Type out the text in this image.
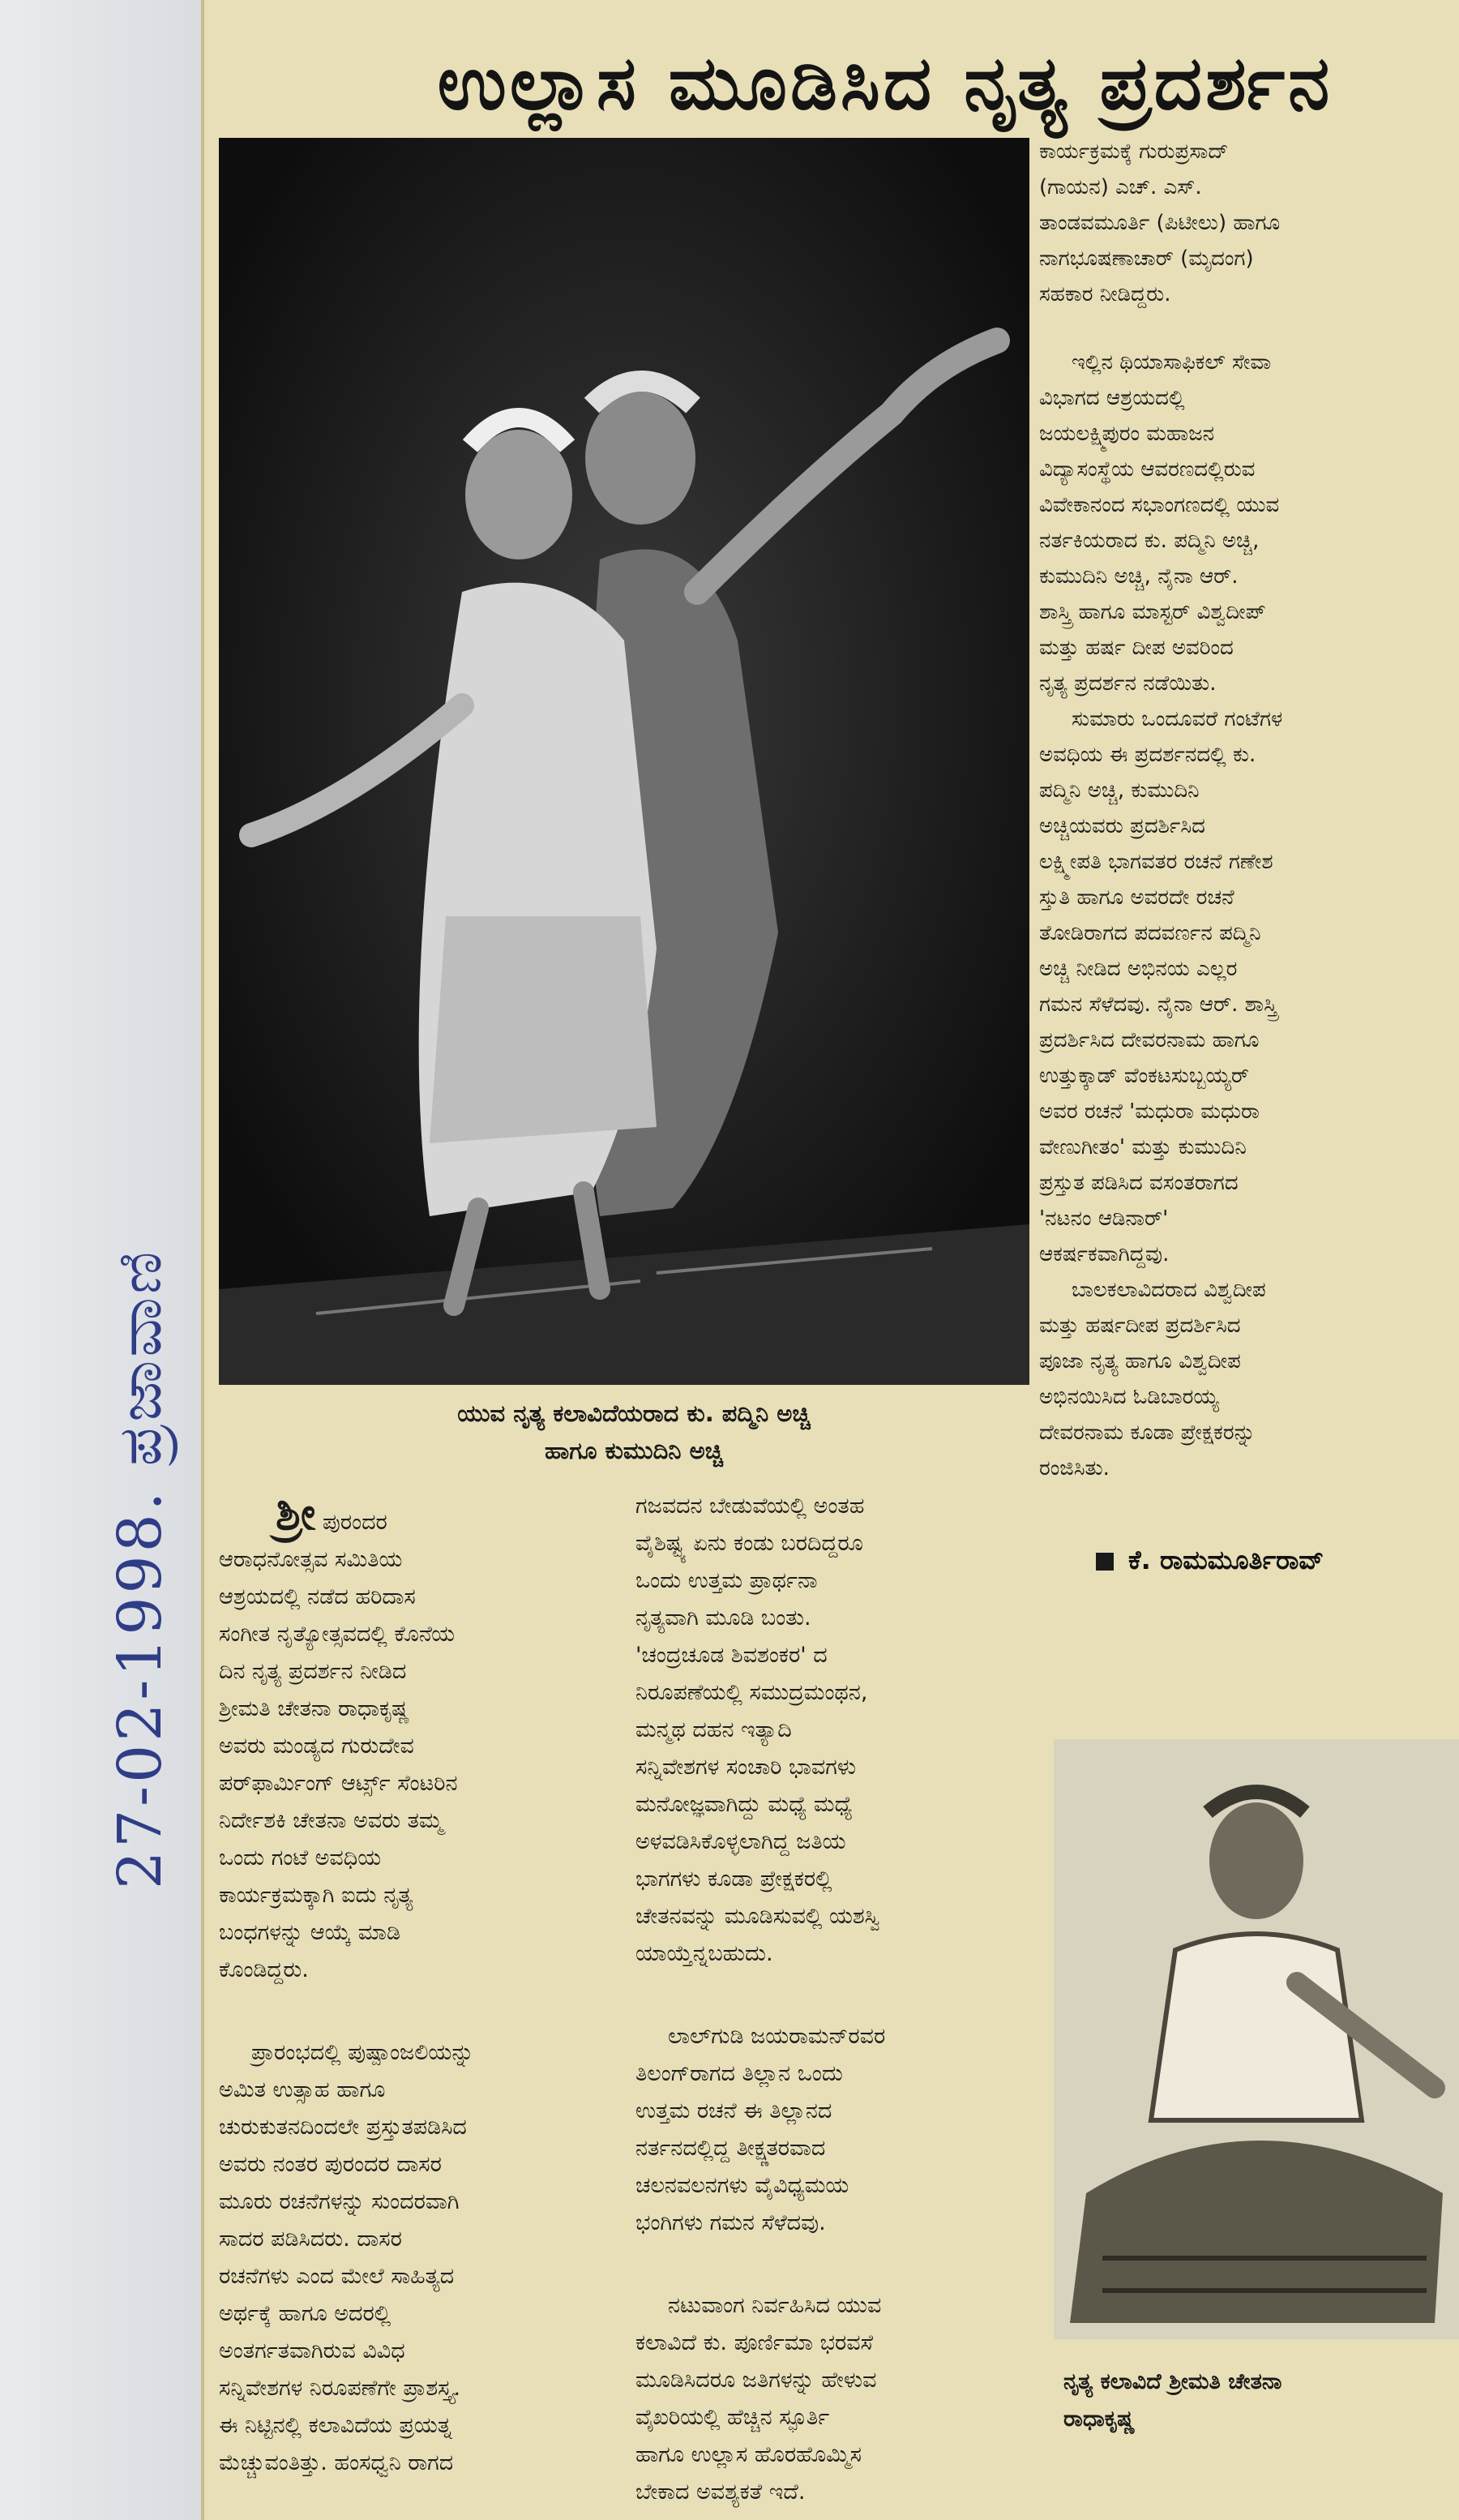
27-02-1998. ಪ್ರಜಾವಾಣಿ
ಉಲ್ಲಾಸ ಮೂಡಿಸಿದ ನೃತ್ಯ ಪ್ರದರ್ಶನ
ಯುವ ನೃತ್ಯ ಕಲಾವಿದೆಯರಾದ ಕು. ಪದ್ಮಿನಿ ಅಚ್ಚಿ
ಹಾಗೂ ಕುಮುದಿನಿ ಅಚ್ಚಿ

ಶ್ರೀ ಪುರಂದರ

ಆರಾಧನೋತ್ಸವ ಸಮಿತಿಯ

ಆಶ್ರಯದಲ್ಲಿ ನಡೆದ ಹರಿದಾಸ

ಸಂಗೀತ ನೃತ್ಯೋತ್ಸವದಲ್ಲಿ ಕೊನೆಯ

ದಿನ ನೃತ್ಯ ಪ್ರದರ್ಶನ ನೀಡಿದ

ಶ್ರೀಮತಿ ಚೇತನಾ ರಾಧಾಕೃಷ್ಣ

ಅವರು ಮಂಡ್ಯದ ಗುರುದೇವ

ಪರ್‌ಫಾರ್ಮಿಂಗ್ ಆರ್ಟ್ಸ್ ಸೆಂಟರಿನ

ನಿರ್ದೇಶಕಿ ಚೇತನಾ ಅವರು ತಮ್ಮ

ಒಂದು ಗಂಟೆ ಅವಧಿಯ

ಕಾರ್ಯಕ್ರಮಕ್ಕಾಗಿ ಐದು ನೃತ್ಯ

ಬಂಧಗಳನ್ನು ಆಯ್ಕೆ ಮಾಡಿ

ಕೊಂಡಿದ್ದರು.

ಪ್ರಾರಂಭದಲ್ಲಿ ಪುಷ್ಪಾಂಜಲಿಯನ್ನು

ಅಮಿತ ಉತ್ಸಾಹ ಹಾಗೂ

ಚುರುಕುತನದಿಂದಲೇ ಪ್ರಸ್ತುತಪಡಿಸಿದ

ಅವರು ನಂತರ ಪುರಂದರ ದಾಸರ

ಮೂರು ರಚನೆಗಳನ್ನು ಸುಂದರವಾಗಿ

ಸಾದರ ಪಡಿಸಿದರು. ದಾಸರ

ರಚನೆಗಳು ಎಂದ ಮೇಲೆ ಸಾಹಿತ್ಯದ

ಅರ್ಥಕ್ಕೆ ಹಾಗೂ ಅದರಲ್ಲಿ

ಅಂತರ್ಗತವಾಗಿರುವ ವಿವಿಧ

ಸನ್ನಿವೇಶಗಳ ನಿರೂಪಣೆಗೇ ಪ್ರಾಶಸ್ತ್ಯ.

ಈ ನಿಟ್ಟಿನಲ್ಲಿ ಕಲಾವಿದೆಯ ಪ್ರಯತ್ನ

ಮೆಚ್ಚುವಂತಿತ್ತು. ಹಂಸಧ್ವನಿ ರಾಗದ

ಗಜವದನ ಬೇಡುವೆಯಲ್ಲಿ ಅಂತಹ

ವೈಶಿಷ್ಟ್ಯ ಏನು ಕಂಡು ಬರದಿದ್ದರೂ

ಒಂದು ಉತ್ತಮ ಪ್ರಾರ್ಥನಾ

ನೃತ್ಯವಾಗಿ ಮೂಡಿ ಬಂತು.

'ಚಂದ್ರಚೂಡ ಶಿವಶಂಕರ' ದ

ನಿರೂಪಣೆಯಲ್ಲಿ ಸಮುದ್ರಮಂಥನ,

ಮನ್ಮಥ ದಹನ ಇತ್ಯಾದಿ

ಸನ್ನಿವೇಶಗಳ ಸಂಚಾರಿ ಭಾವಗಳು

ಮನೋಜ್ಞವಾಗಿದ್ದು ಮಧ್ಯೆ ಮಧ್ಯೆ

ಅಳವಡಿಸಿಕೊಳ್ಳಲಾಗಿದ್ದ ಜತಿಯ

ಭಾಗಗಳು ಕೂಡಾ ಪ್ರೇಕ್ಷಕರಲ್ಲಿ

ಚೇತನವನ್ನು ಮೂಡಿಸುವಲ್ಲಿ ಯಶಸ್ವಿ

ಯಾಯ್ತೆನ್ನಬಹುದು.

ಲಾಲ್‌ಗುಡಿ ಜಯರಾಮನ್‌ರವರ

ತಿಲಂಗ್‌ರಾಗದ ತಿಲ್ಲಾನ ಒಂದು

ಉತ್ತಮ ರಚನೆ ಈ ತಿಲ್ಲಾನದ

ನರ್ತನದಲ್ಲಿದ್ದ ತೀಕ್ಷ್ಣತರವಾದ

ಚಲನವಲನಗಳು ವೈವಿಧ್ಯಮಯ

ಭಂಗಿಗಳು ಗಮನ ಸೆಳೆದವು.

ನಟುವಾಂಗ ನಿರ್ವಹಿಸಿದ ಯುವ

ಕಲಾವಿದೆ ಕು. ಪೂರ್ಣಿಮಾ ಭರವಸೆ

ಮೂಡಿಸಿದರೂ ಜತಿಗಳನ್ನು ಹೇಳುವ

ವೈಖರಿಯಲ್ಲಿ ಹೆಚ್ಚಿನ ಸ್ಫೂರ್ತಿ

ಹಾಗೂ ಉಲ್ಲಾಸ ಹೊರಹೊಮ್ಮಿಸ

ಬೇಕಾದ ಅವಶ್ಯಕತೆ ಇದೆ.

ಕಾರ್ಯಕ್ರಮಕ್ಕೆ ಗುರುಪ್ರಸಾದ್

(ಗಾಯನ) ಎಚ್. ಎಸ್.

ತಾಂಡವಮೂರ್ತಿ (ಪಿಟೀಲು) ಹಾಗೂ

ನಾಗಭೂಷಣಾಚಾರ್ (ಮೃದಂಗ)

ಸಹಕಾರ ನೀಡಿದ್ದರು.

ಇಲ್ಲಿನ ಥಿಯಾಸಾಫಿಕಲ್ ಸೇವಾ

ವಿಭಾಗದ ಆಶ್ರಯದಲ್ಲಿ

ಜಯಲಕ್ಷ್ಮಿಪುರಂ ಮಹಾಜನ

ವಿದ್ಯಾಸಂಸ್ಥೆಯ ಆವರಣದಲ್ಲಿರುವ

ವಿವೇಕಾನಂದ ಸಭಾಂಗಣದಲ್ಲಿ ಯುವ

ನರ್ತಕಿಯರಾದ ಕು. ಪದ್ಮಿನಿ ಅಚ್ಚಿ,

ಕುಮುದಿನಿ ಅಚ್ಚಿ, ನೈನಾ ಆರ್.

ಶಾಸ್ತ್ರಿ ಹಾಗೂ ಮಾಸ್ಟರ್ ವಿಶ್ವದೀಪ್

ಮತ್ತು ಹರ್ಷ ದೀಪ ಅವರಿಂದ

ನೃತ್ಯ ಪ್ರದರ್ಶನ ನಡೆಯಿತು.

ಸುಮಾರು ಒಂದೂವರೆ ಗಂಟೆಗಳ

ಅವಧಿಯ ಈ ಪ್ರದರ್ಶನದಲ್ಲಿ ಕು.

ಪದ್ಮಿನಿ ಅಚ್ಚಿ, ಕುಮುದಿನಿ

ಅಚ್ಚಿಯವರು ಪ್ರದರ್ಶಿಸಿದ

ಲಕ್ಷ್ಮೀಪತಿ ಭಾಗವತರ ರಚನೆ ಗಣೇಶ

ಸ್ತುತಿ ಹಾಗೂ ಅವರದೇ ರಚನೆ

ತೋಡಿರಾಗದ ಪದವರ್ಣನ ಪದ್ಮಿನಿ

ಅಚ್ಚಿ ನೀಡಿದ ಅಭಿನಯ ಎಲ್ಲರ

ಗಮನ ಸೆಳೆದವು. ನೈನಾ ಆರ್. ಶಾಸ್ತ್ರಿ

ಪ್ರದರ್ಶಿಸಿದ ದೇವರನಾಮ ಹಾಗೂ

ಉತ್ತುಕ್ಕಾಡ್ ವೆಂಕಟಸುಬ್ಬಯ್ಯರ್

ಅವರ ರಚನೆ 'ಮಧುರಾ ಮಧುರಾ

ವೇಣುಗೀತಂ' ಮತ್ತು ಕುಮುದಿನಿ

ಪ್ರಸ್ತುತ ಪಡಿಸಿದ ವಸಂತರಾಗದ

'ನಟನಂ ಆಡಿನಾರ್'

ಆಕರ್ಷಕವಾಗಿದ್ದವು.

ಬಾಲಕಲಾವಿದರಾದ ವಿಶ್ವದೀಪ

ಮತ್ತು ಹರ್ಷದೀಪ ಪ್ರದರ್ಶಿಸಿದ

ಪೂಜಾ ನೃತ್ಯ ಹಾಗೂ ವಿಶ್ವದೀಪ

ಅಭಿನಯಿಸಿದ ಓಡಿಬಾರಯ್ಯ

ದೇವರನಾಮ ಕೂಡಾ ಪ್ರೇಕ್ಷಕರನ್ನು

ರಂಜಿಸಿತು.

ಕೆ. ರಾಮಮೂರ್ತಿರಾವ್
ನೃತ್ಯ ಕಲಾವಿದೆ ಶ್ರೀಮತಿ ಚೇತನಾ
ರಾಧಾಕೃಷ್ಣ
